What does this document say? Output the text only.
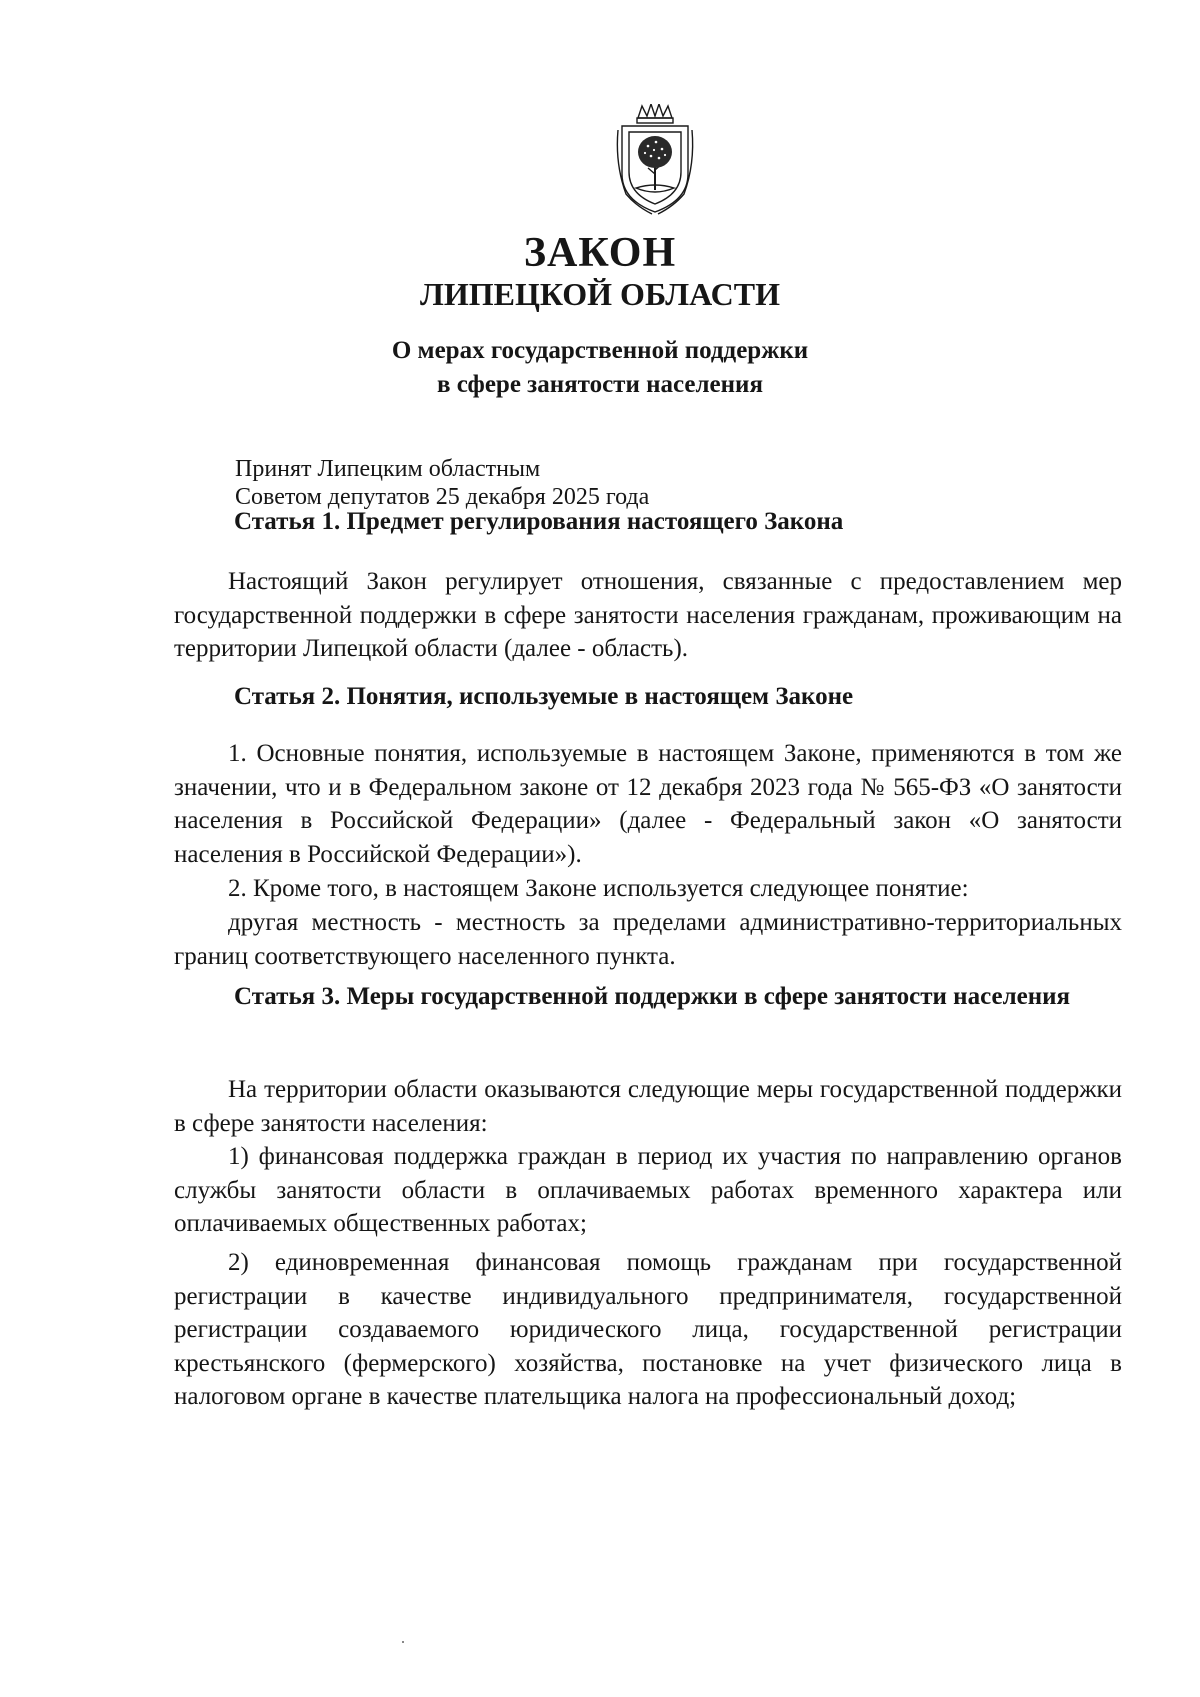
ЗАКОН
ЛИПЕЦКОЙ ОБЛАСТИ
О мерах государственной поддержки
в сфере занятости населения
Принят Липецким областным
Советом депутатов 25 декабря 2025 года
Статья 1. Предмет регулирования настоящего Закона
Настоящий Закон регулирует отношения, связанные с предоставлением мер государственной поддержки в сфере занятости населения гражданам, проживающим на территории Липецкой области (далее - область).
Статья 2. Понятия, используемые в настоящем Законе
1. Основные понятия, используемые в настоящем Законе, применяются в том же значении, что и в Федеральном законе от 12 декабря 2023 года № 565-ФЗ «О занятости населения в Российской Федерации» (далее - Федеральный закон «О занятости населения в Российской Федерации»).
2. Кроме того, в настоящем Законе используется следующее понятие:
другая местность - местность за пределами административно-территориальных границ соответствующего населенного пункта.
Статья 3. Меры государственной поддержки в сфере занятости населения
На территории области оказываются следующие меры государственной поддержки в сфере занятости населения:
1) финансовая поддержка граждан в период их участия по направлению органов службы занятости области в оплачиваемых работах временного характера или оплачиваемых общественных работах;
2) единовременная финансовая помощь гражданам при государственной регистрации в качестве индивидуального предпринимателя, государственной регистрации создаваемого юридического лица, государственной регистрации крестьянского (фермерского) хозяйства, постановке на учет физического лица в налоговом органе в качестве плательщика налога на профессиональный доход;
